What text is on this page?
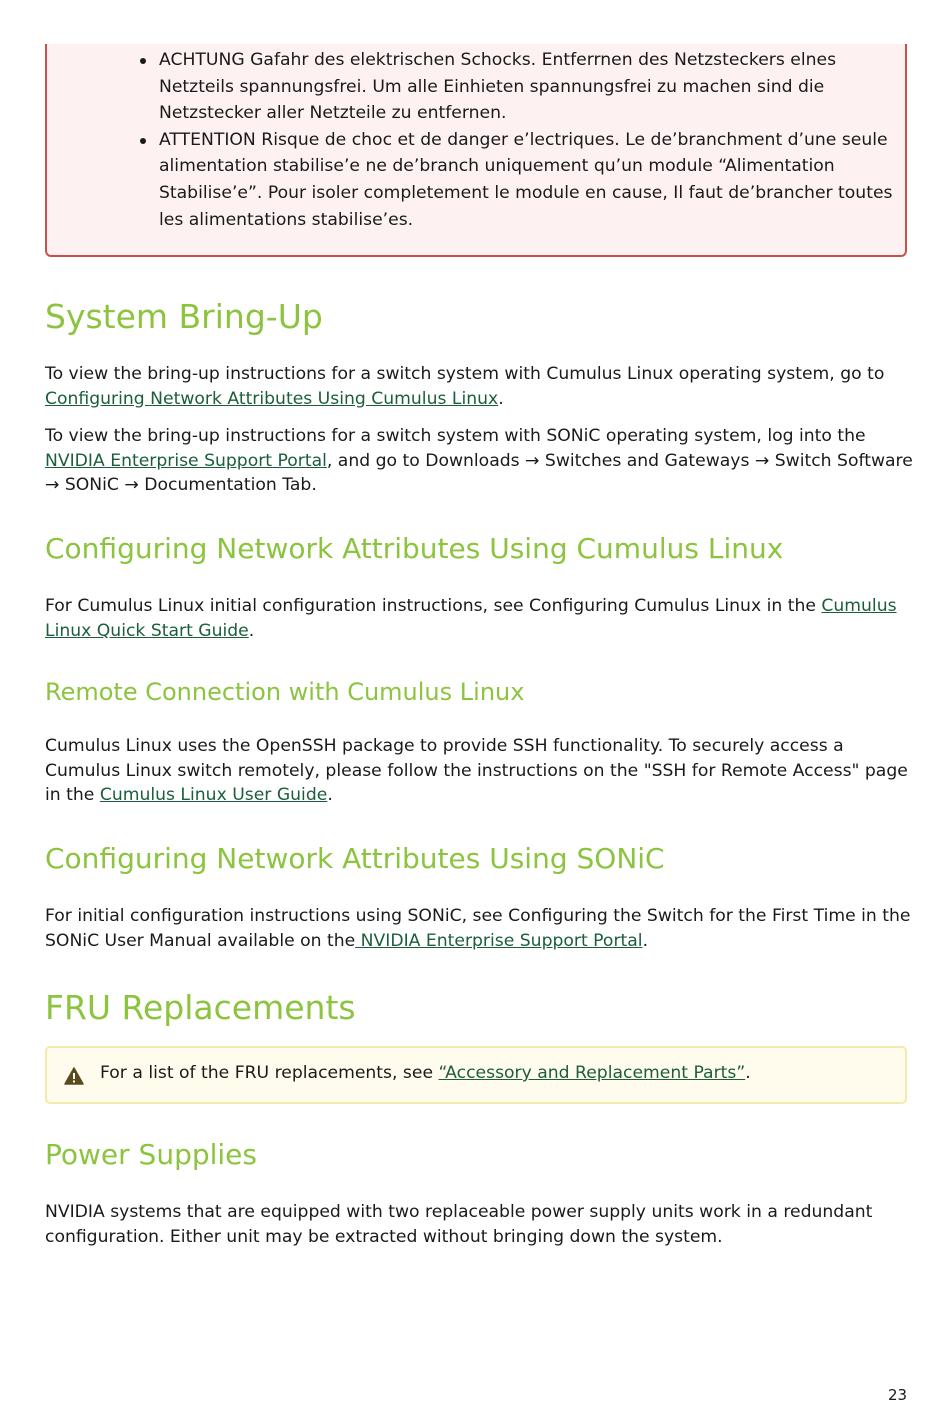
ACHTUNG Gafahr des elektrischen Schocks. Entferrnen des Netzsteckers elnes Netzteils spannungsfrei. Um alle Einhieten spannungsfrei zu machen sind die Netzstecker aller Netzteile zu entfernen.
ATTENTION Risque de choc et de danger e’lectriques. Le de’branchment d’une seule alimentation stabilise’e ne de’branch uniquement qu’un module “Alimentation Stabilise’e”. Pour isoler completement le module en cause, Il faut de’brancher toutes les alimentations stabilise’es.
System Bring-Up

To view the bring-up instructions for a switch system with Cumulus Linux operating system, go to Configuring Network Attributes Using Cumulus Linux.

To view the bring-up instructions for a switch system with SONiC operating system, log into the NVIDIA Enterprise Support Portal, and go to Downloads → Switches and Gateways → Switch Software → SONiC → Documentation Tab.

Configuring Network Attributes Using Cumulus Linux

For Cumulus Linux initial configuration instructions, see Configuring Cumulus Linux in the Cumulus Linux Quick Start Guide.

Remote Connection with Cumulus Linux

Cumulus Linux uses the OpenSSH package to provide SSH functionality. To securely access a Cumulus Linux switch remotely, please follow the instructions on the "SSH for Remote Access" page in the Cumulus Linux User Guide.

Configuring Network Attributes Using SONiC

For initial configuration instructions using SONiC, see Configuring the Switch for the First Time in the SONiC User Manual available on the NVIDIA Enterprise Support Portal.

FRU Replacements
For a list of the FRU replacements, see “Accessory and Replacement Parts”.
Power Supplies

NVIDIA systems that are equipped with two replaceable power supply units work in a redundant configuration. Either unit may be extracted without bringing down the system.

23
